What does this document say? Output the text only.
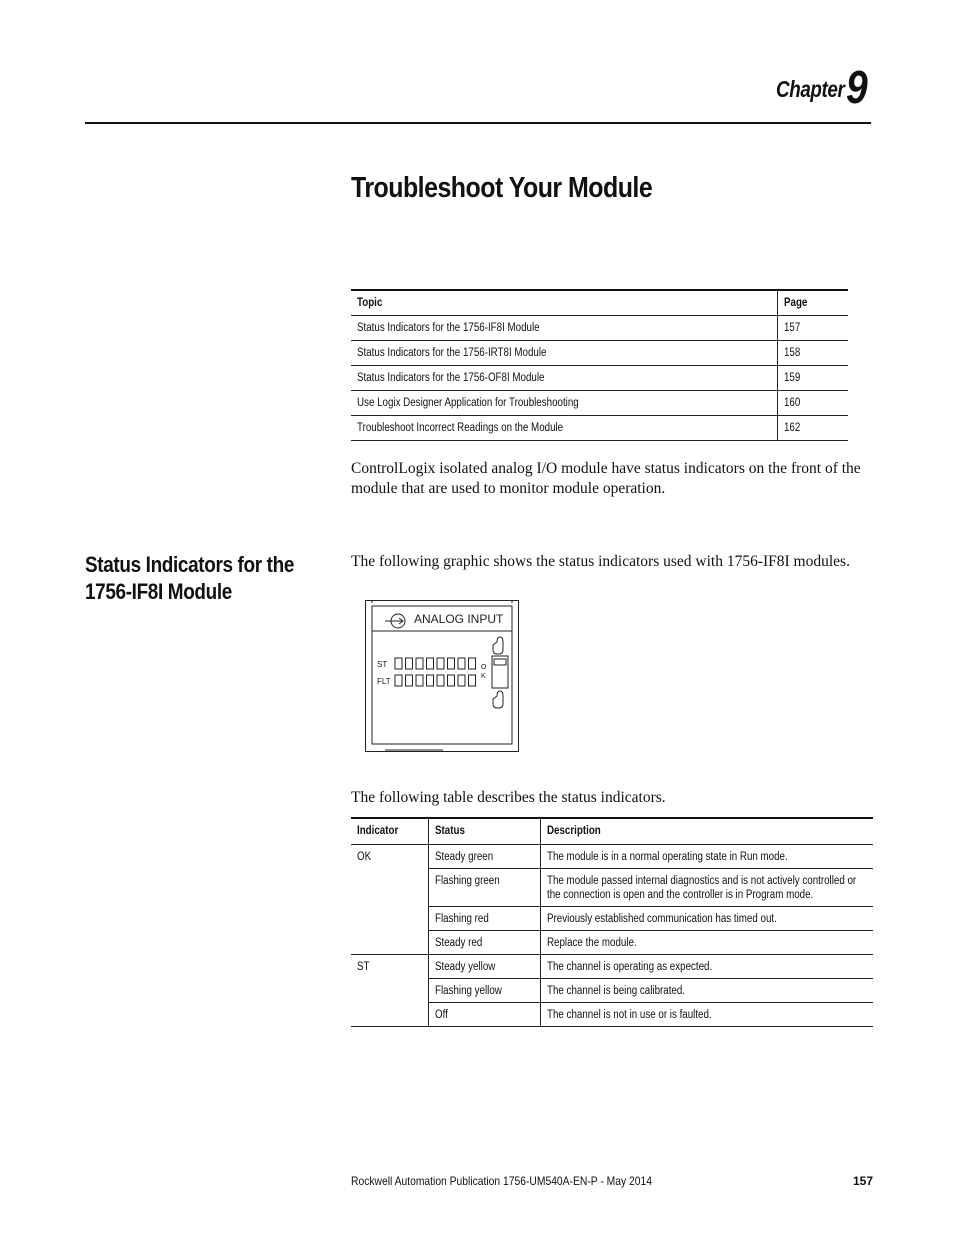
Chapter 9
Troubleshoot Your Module
Topic	Page
Status Indicators for the 1756-IF8I Module	157
Status Indicators for the 1756-IRT8I Module	158
Status Indicators for the 1756-OF8I Module	159
Use Logix Designer Application for Troubleshooting	160
Troubleshoot Incorrect Readings on the Module	162
ControlLogix isolated analog I/O module have status indicators on the front of the module that are used to monitor module operation.
Status Indicators for the
1756-IF8I Module
The following graphic shows the status indicators used with 1756-IF8I modules.
ANALOG INPUT
ST
FLT
O
K
The following table describes the status indicators.
Indicator	Status	Description
OK	Steady green	The module is in a normal operating state in Run mode.
	Flashing green	The module passed internal diagnostics and is not actively controlled or the connection is open and the controller is in Program mode.

	Flashing red	Previously established communication has timed out.
	Steady red	Replace the module.
ST	Steady yellow	The channel is operating as expected.
	Flashing yellow	The channel is being calibrated.
	Off	The channel is not in use or is faulted.
Rockwell Automation Publication 1756-UM540A-EN-P - May 2014	157
